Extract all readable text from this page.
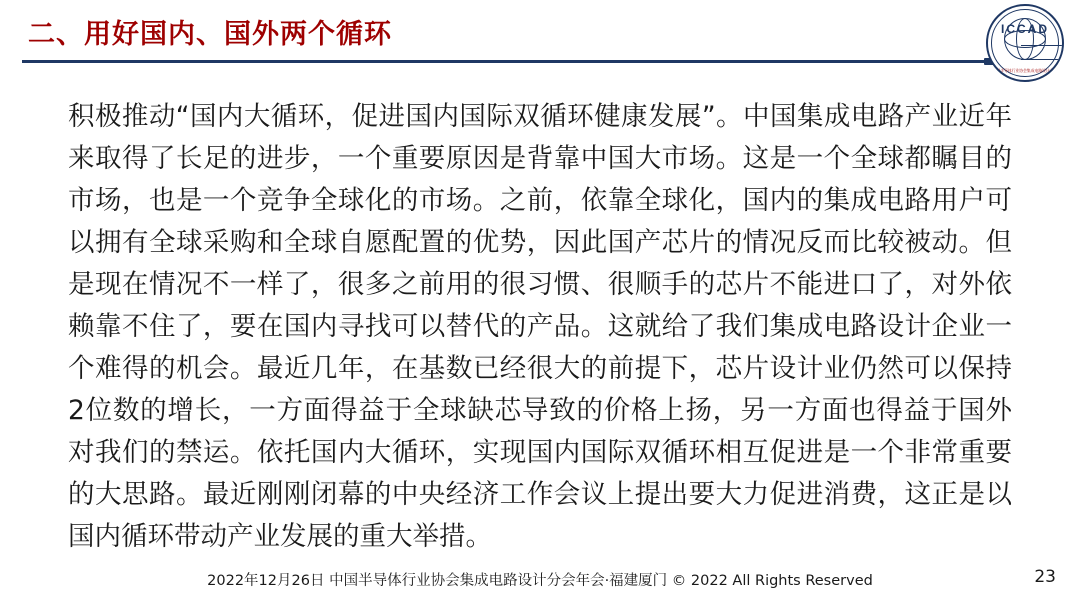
二、用好国内、国外两个循环	ICCAD
中国半导体行业协会集成电路设计分会
积极推动“国内大循环，促进国内国际双循环健康发展”。中国集成电路产业近年来取得了长足的进步，一个重要原因是背靠中国大市场。这是一个全球都瞩目的市场，也是一个竞争全球化的市场。之前，依靠全球化，国内的集成电路用户可以拥有全球采购和全球自愿配置的优势，因此国产芯片的情况反而比较被动。但是现在情况不一样了，很多之前用的很习惯、很顺手的芯片不能进口了，对外依赖靠不住了，要在国内寻找可以替代的产品。这就给了我们集成电路设计企业一个难得的机会。最近几年，在基数已经很大的前提下，芯片设计业仍然可以保持2位数的增长，一方面得益于全球缺芯导致的价格上扬，另一方面也得益于国外对我们的禁运。依托国内大循环，实现国内国际双循环相互促进是一个非常重要的大思路。最近刚刚闭幕的中央经济工作会议上提出要大力促进消费，这正是以国内循环带动产业发展的重大举措。
2022年12月26日 中国半导体行业协会集成电路设计分会年会·福建厦门 © 2022 All Rights Reserved	23
